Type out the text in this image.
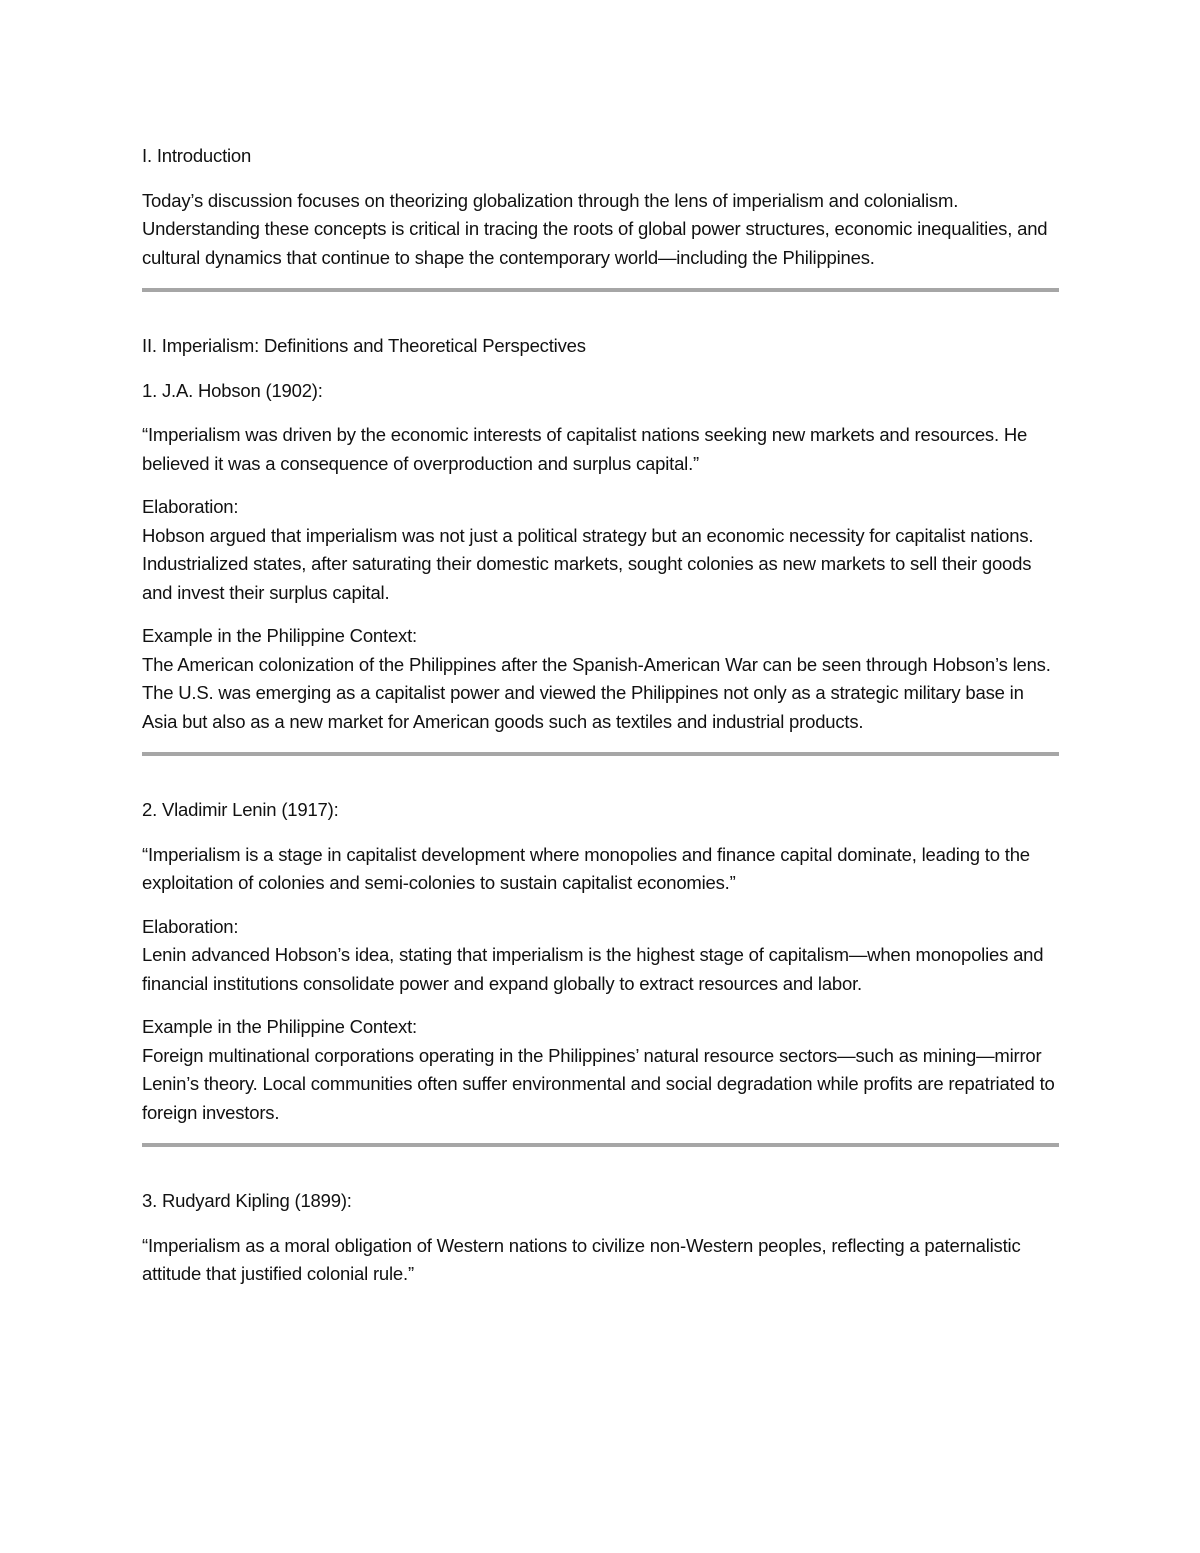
I. Introduction

Today’s discussion focuses on theorizing globalization through the lens of imperialism and colonialism. Understanding these concepts is critical in tracing the roots of global power structures, economic inequalities, and cultural dynamics that continue to shape the contemporary world—including the Philippines.

II. Imperialism: Definitions and Theoretical Perspectives

1. J.A. Hobson (1902):

“Imperialism was driven by the economic interests of capitalist nations seeking new markets and resources. He believed it was a consequence of overproduction and surplus capital.”

Elaboration:

Hobson argued that imperialism was not just a political strategy but an economic necessity for capitalist nations. Industrialized states, after saturating their domestic markets, sought colonies as new markets to sell their goods and invest their surplus capital.

Example in the Philippine Context:

The American colonization of the Philippines after the Spanish-American War can be seen through Hobson’s lens. The U.S. was emerging as a capitalist power and viewed the Philippines not only as a strategic military base in Asia but also as a new market for American goods such as textiles and industrial products.

2. Vladimir Lenin (1917):

“Imperialism is a stage in capitalist development where monopolies and finance capital dominate, leading to the exploitation of colonies and semi-colonies to sustain capitalist economies.”

Elaboration:

Lenin advanced Hobson’s idea, stating that imperialism is the highest stage of capitalism—when monopolies and financial institutions consolidate power and expand globally to extract resources and labor.

Example in the Philippine Context:

Foreign multinational corporations operating in the Philippines’ natural resource sectors—such as mining—mirror Lenin’s theory. Local communities often suffer environmental and social degradation while profits are repatriated to foreign investors.

3. Rudyard Kipling (1899):

“Imperialism as a moral obligation of Western nations to civilize non-Western peoples, reflecting a paternalistic attitude that justified colonial rule.”
